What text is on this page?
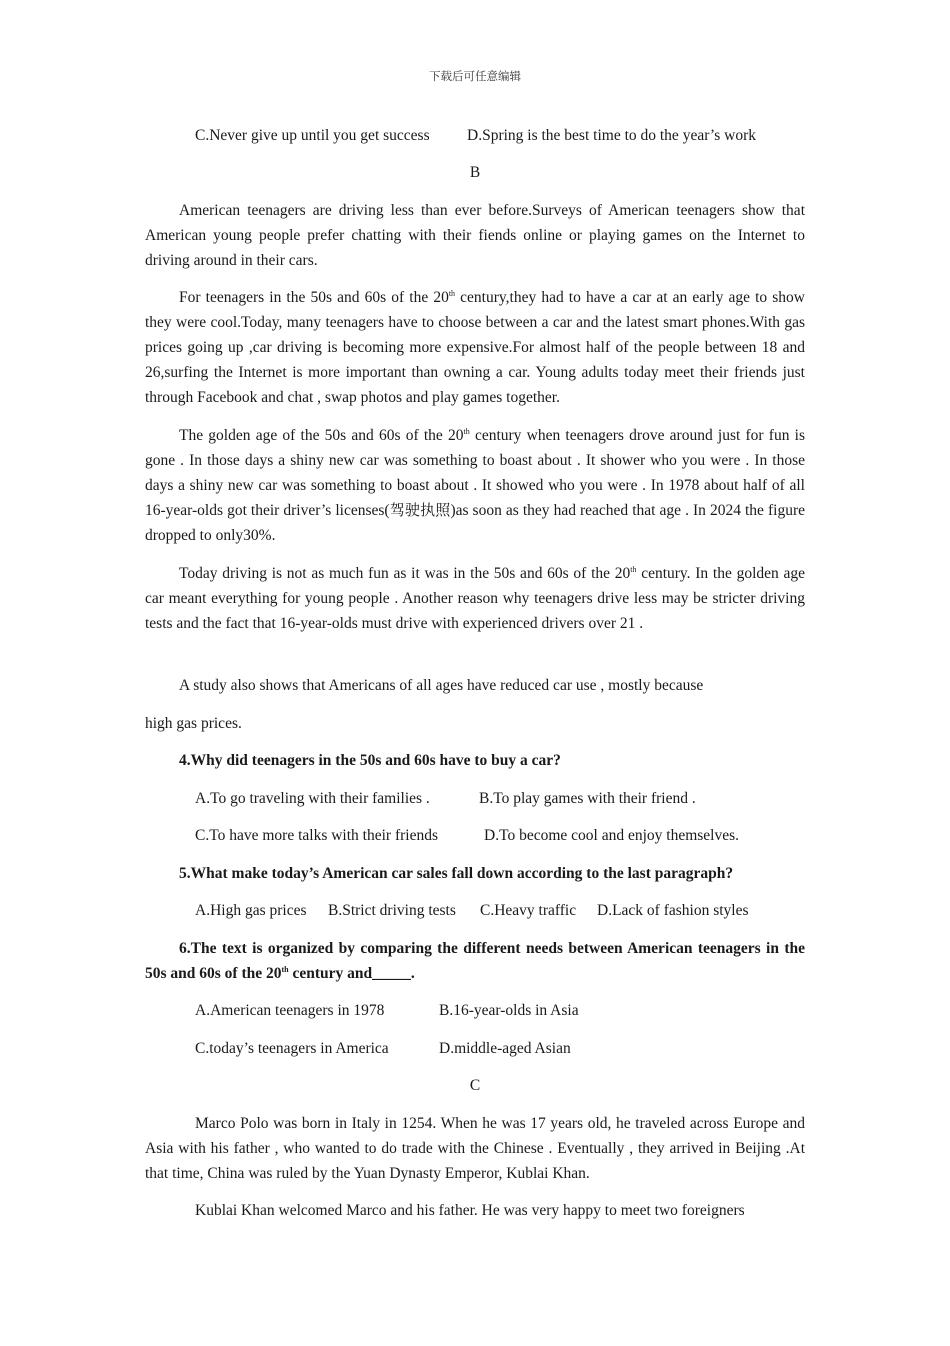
下载后可任意编辑
C.Never give up until you get success D.Spring is the best time to do the year’s work
B
American teenagers are driving less than ever before.Surveys of American teenagers show that American young people prefer chatting with their fiends online or playing games on the Internet to driving around in their cars.
For teenagers in the 50s and 60s of the 20th century,they had to have a car at an early age to show they were cool.Today, many teenagers have to choose between a car and the latest smart phones.With gas prices going up ,car driving is becoming more expensive.For almost half of the people between 18 and 26,surfing the Internet is more important than owning a car. Young adults today meet their friends just through Facebook and chat , swap photos and play games together.
The golden age of the 50s and 60s of the 20th century when teenagers drove around just for fun is gone . In those days a shiny new car was something to boast about . It shower who you were . In those days a shiny new car was something to boast about . It showed who you were . In 1978 about half of all 16-year-olds got their driver’s licenses(驾驶执照)as soon as they had reached that age . In 2024 the figure dropped to only30%.
Today driving is not as much fun as it was in the 50s and 60s of the 20th century. In the golden age car meant everything for young people . Another reason why teenagers drive less may be stricter driving tests and the fact that 16-year-olds must drive with experienced drivers over 21 .
A study also shows that Americans of all ages have reduced car use , mostly because
high gas prices.
4.Why did teenagers in the 50s and 60s have to buy a car?
A.To go traveling with their families .	B.To play games with their friend .
C.To have more talks with their friends	D.To become cool and enjoy themselves.
5.What make today’s American car sales fall down according to the last paragraph?
A.High gas prices B.Strict driving tests C.Heavy traffic D.Lack of fashion styles
6.The text is organized by comparing the different needs between American teenagers in the 50s and 60s of the 20th century and_____.
A.American teenagers in 1978	B.16-year-olds in Asia
C.today’s teenagers in America	D.middle-aged Asian
C
Marco Polo was born in Italy in 1254. When he was 17 years old, he traveled across Europe and Asia with his father , who wanted to do trade with the Chinese . Eventually , they arrived in Beijing .At that time, China was ruled by the Yuan Dynasty Emperor, Kublai Khan.
Kublai Khan welcomed Marco and his father. He was very happy to meet two foreigners
